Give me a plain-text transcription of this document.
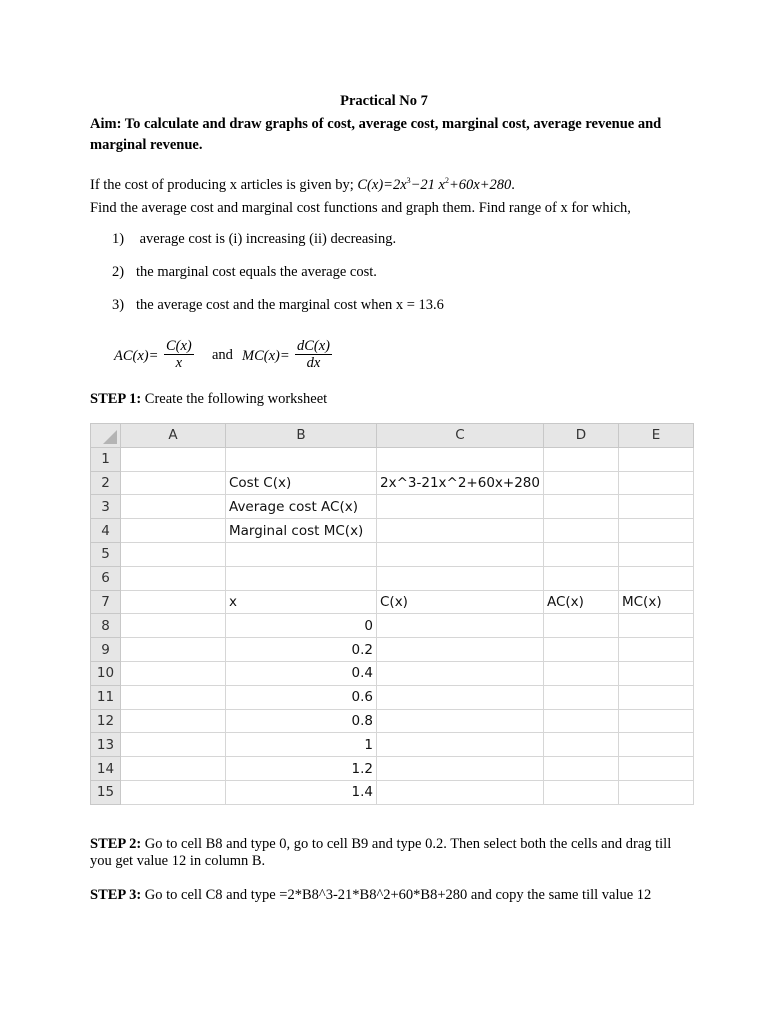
Practical No 7
Aim: To calculate and draw graphs of cost, average cost, marginal cost, average revenue and marginal revenue.
If the cost of producing x articles is given by; $C(x)=2x^3-21$ $x^2+60x+280$.
Find the average cost and marginal cost functions and graph them. Find range of x for which,
1) average cost is (i) increasing (ii) decreasing.
2) the marginal cost equals the average cost.
3) the average cost and the marginal cost when x = 13.6
$AC(x)= \frac{C(x)}{x}$ and $MC(x)= \frac{dC(x)}{dx}$
STEP 1: Create the following worksheet
	A	B	C	D	E
1					
2		Cost C(x)	2x^3-21x^2+60x+280		
3		Average cost AC(x)			
4		Marginal cost MC(x)			
5					
6					
7		x	C(x)	AC(x)	MC(x)
8		0			
9		0.2			
10		0.4			
11		0.6			
12		0.8			
13		1			
14		1.2			
15		1.4			
STEP 2: Go to cell B8 and type 0, go to cell B9 and type 0.2. Then select both the cells and drag till you get value 12 in column B.
STEP 3: Go to cell C8 and type =2*B8^3-21*B8^2+60*B8+280 and copy the same till value 12
